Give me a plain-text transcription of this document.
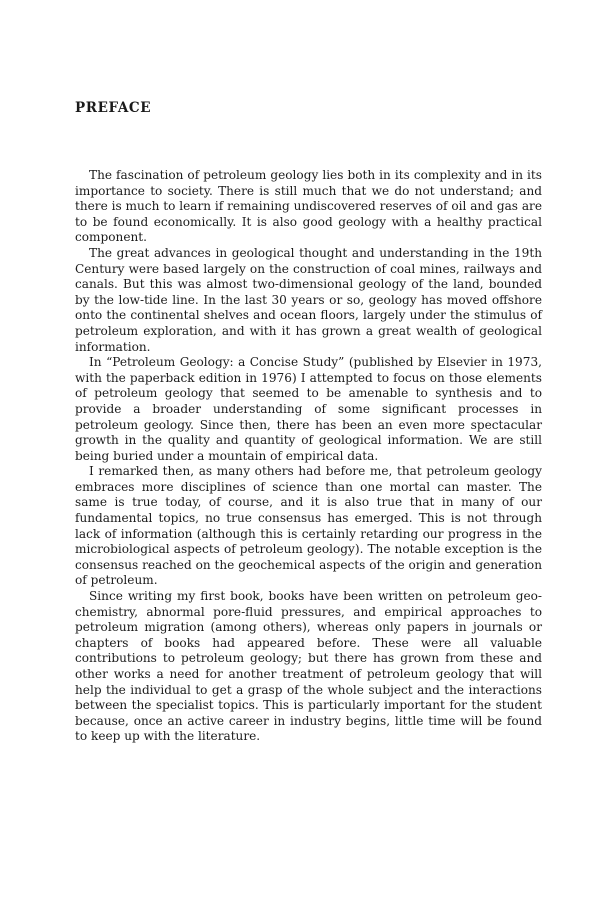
PREFACE

The fascination of petroleum geology lies both in its complexity and in its importance to society. There is still much that we do not understand; and there is much to learn if remaining undiscovered reserves of oil and gas are to be found economically. It is also good geology with a healthy practical component.

The great advances in geological thought and understanding in the 19th Century were based largely on the construction of coal mines, railways and canals. But this was almost two-dimensional geology of the land, bounded by the low-tide line. In the last 30 years or so, geology has moved offshore onto the continental shelves and ocean floors, largely under the stimulus of petroleum exploration, and with it has grown a great wealth of geological information.

In “Petroleum Geology: a Concise Study” (published by Elsevier in 1973, with the paperback edition in 1976) I attempted to focus on those elements of petroleum geology that seemed to be amenable to synthesis and to provide a broader understanding of some significant processes in petroleum geology. Since then, there has been an even more spectacular growth in the quality and quantity of geological information. We are still being buried under a mountain of empirical data.

I remarked then, as many others had before me, that petroleum geology embraces more disciplines of science than one mortal can master. The same is true today, of course, and it is also true that in many of our fundamental topics, no true consensus has emerged. This is not through lack of information (although this is certainly retarding our progress in the microbiological aspects of petroleum geology). The notable exception is the consensus reached on the geochemical aspects of the origin and generation of petroleum.

Since writing my first book, books have been written on petroleum geochemistry, abnormal pore-fluid pressures, and empirical approaches to petroleum migration (among others), whereas only papers in journals or chapters of books had appeared before. These were all valuable contributions to petroleum geology; but there has grown from these and other works a need for another treatment of petroleum geology that will help the individual to get a grasp of the whole subject and the interactions between the specialist topics. This is particularly important for the student because, once an active career in industry begins, little time will be found to keep up with the literature.
